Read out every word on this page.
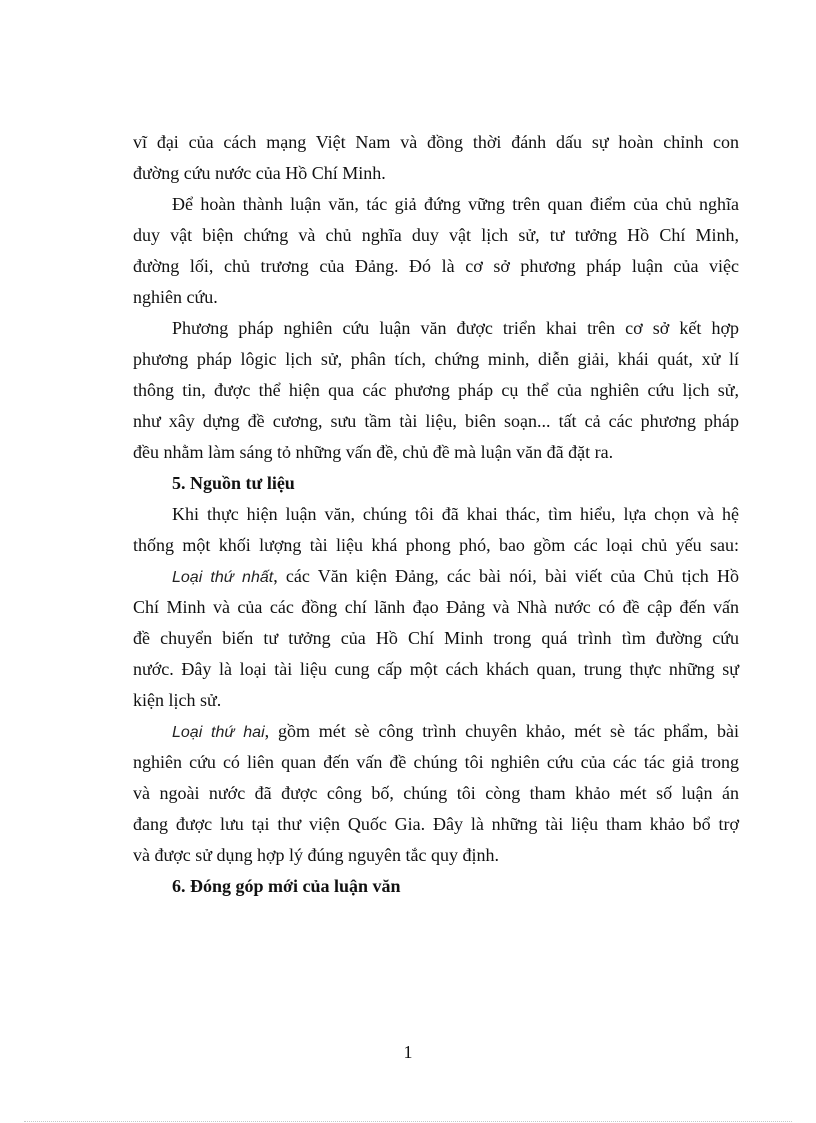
vĩ đại của cách mạng Việt Nam và đồng thời đánh dấu sự hoàn chỉnh con
đường cứu nước của Hồ Chí Minh.
Để hoàn thành luận văn, tác giả đứng vững trên quan điểm của chủ nghĩa
duy vật biện chứng và chủ nghĩa duy vật lịch sử, tư tưởng Hồ Chí Minh,
đường lối, chủ trương của Đảng. Đó là cơ sở phương pháp luận của việc
nghiên cứu.
Phương pháp nghiên cứu luận văn được triển khai trên cơ sở kết hợp
phương pháp lôgic lịch sử, phân tích, chứng minh, diễn giải, khái quát, xử lí
thông tin, được thể hiện qua các phương pháp cụ thể của nghiên cứu lịch sử,
như xây dựng đề cương, sưu tầm tài liệu, biên soạn... tất cả các phương pháp
đều nhằm làm sáng tỏ những vấn đề, chủ đề mà luận văn đã đặt ra.
5. Nguồn tư liệu
Khi thực hiện luận văn, chúng tôi đã khai thác, tìm hiểu, lựa chọn và hệ
thống một khối lượng tài liệu khá phong phó, bao gồm các loại chủ yếu sau:
Loại thứ nhất, các Văn kiện Đảng, các bài nói, bài viết của Chủ tịch Hồ
Chí Minh và của các đồng chí lãnh đạo Đảng và Nhà nước có đề cập đến vấn
đề chuyển biến tư tưởng của Hồ Chí Minh trong quá trình tìm đường cứu
nước. Đây là loại tài liệu cung cấp một cách khách quan, trung thực những sự
kiện lịch sử.
Loại thứ hai, gồm mét sè công trình chuyên khảo, mét sè tác phẩm, bài
nghiên cứu có liên quan đến vấn đề chúng tôi nghiên cứu của các tác giả trong
và ngoài nước đã được công bố, chúng tôi còng tham khảo mét số luận án
đang được lưu tại thư viện Quốc Gia. Đây là những tài liệu tham khảo bổ trợ
và được sử dụng hợp lý đúng nguyên tắc quy định.
6. Đóng góp mới của luận văn
1
